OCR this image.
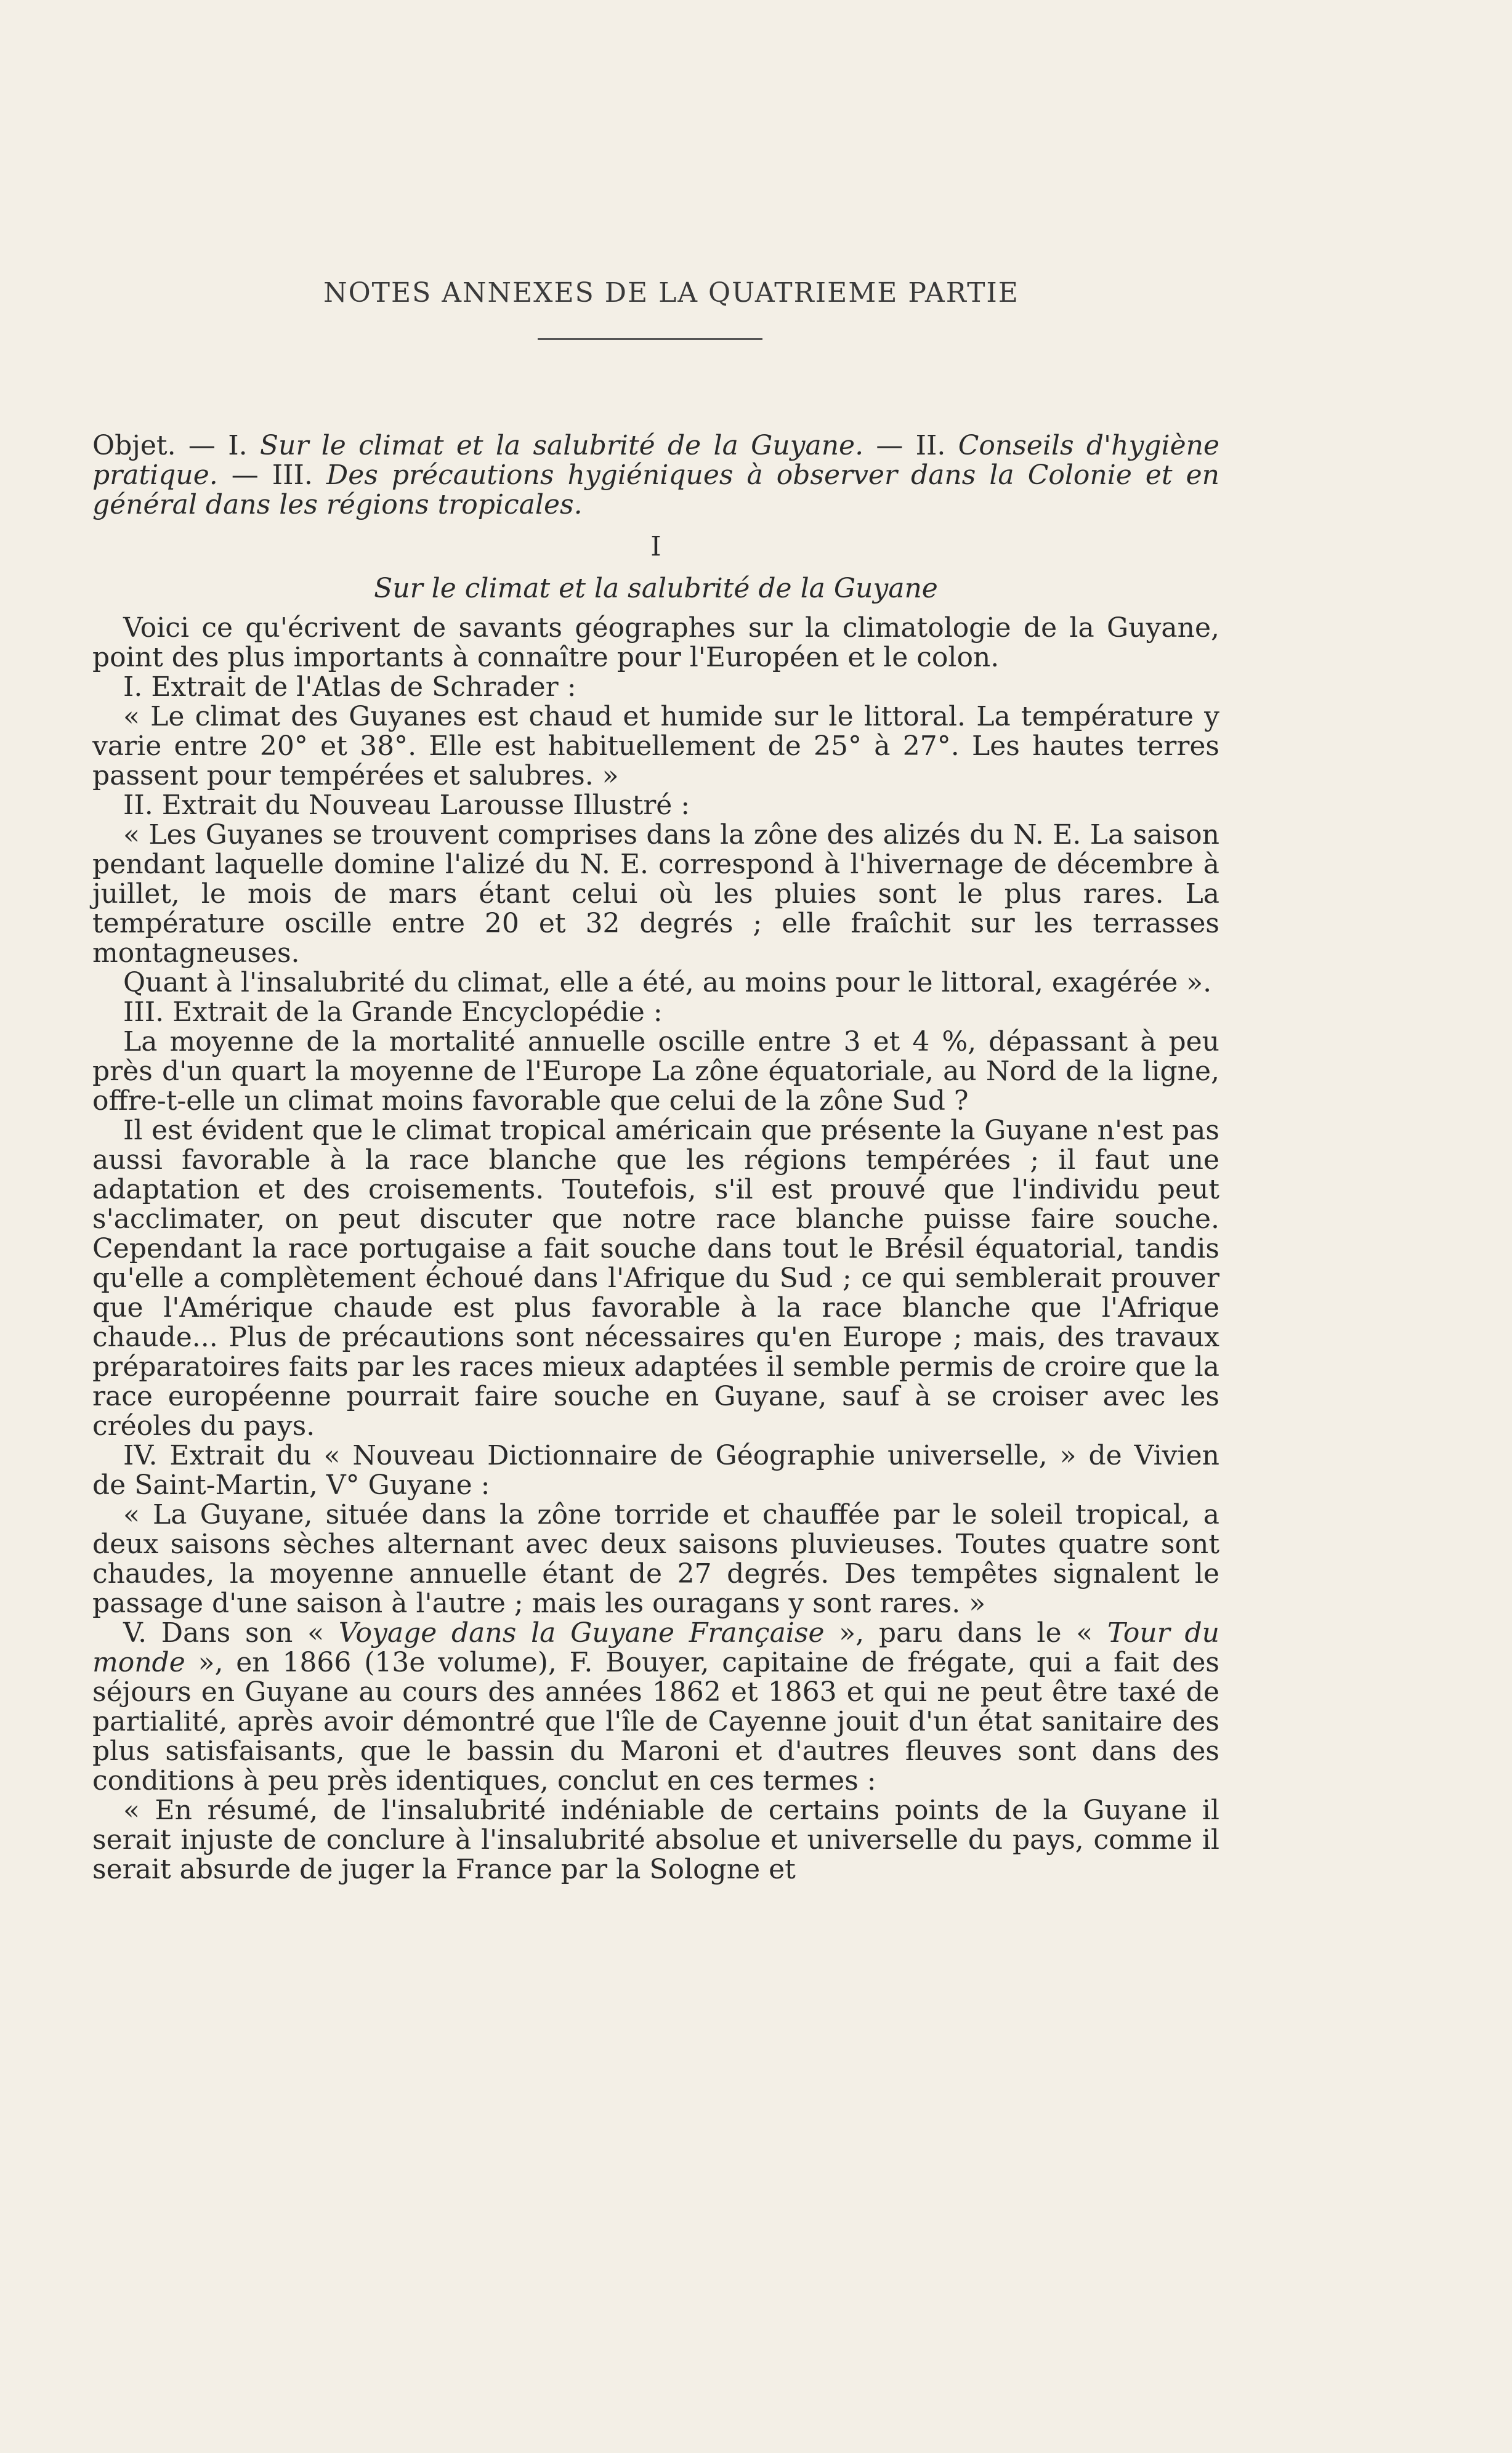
NOTES ANNEXES DE LA QUATRIEME PARTIE

Objet. — I. Sur le climat et la salubrité de la Guyane. — II. Conseils d'hygiène pratique. — III. Des précautions hygiéniques à observer dans la Colonie et en général dans les régions tropicales.

I

Sur le climat et la salubrité de la Guyane

Voici ce qu'écrivent de savants géographes sur la climatologie de la Guyane, point des plus importants à connaître pour l'Européen et le colon.

I. Extrait de l'Atlas de Schrader :

« Le climat des Guyanes est chaud et humide sur le littoral. La température y varie entre 20° et 38°. Elle est habituellement de 25° à 27°. Les hautes terres passent pour tempérées et salubres. »

II. Extrait du Nouveau Larousse Illustré :

« Les Guyanes se trouvent comprises dans la zône des alizés du N. E. La saison pendant laquelle domine l'alizé du N. E. correspond à l'hivernage de décembre à juillet, le mois de mars étant celui où les pluies sont le plus rares. La température oscille entre 20 et 32 degrés ; elle fraîchit sur les terrasses montagneuses.

Quant à l'insalubrité du climat, elle a été, au moins pour le littoral, exagérée ».

III. Extrait de la Grande Encyclopédie :

La moyenne de la mortalité annuelle oscille entre 3 et 4 %, dépassant à peu près d'un quart la moyenne de l'Europe La zône équatoriale, au Nord de la ligne, offre-t-elle un climat moins favorable que celui de la zône Sud ?

Il est évident que le climat tropical américain que présente la Guyane n'est pas aussi favorable à la race blanche que les régions tempérées ; il faut une adaptation et des croisements. Toutefois, s'il est prouvé que l'individu peut s'acclimater, on peut discuter que notre race blanche puisse faire souche. Cependant la race portugaise a fait souche dans tout le Brésil équatorial, tandis qu'elle a complètement échoué dans l'Afrique du Sud ; ce qui semblerait prouver que l'Amérique chaude est plus favorable à la race blanche que l'Afrique chaude... Plus de précautions sont nécessaires qu'en Europe ; mais, des travaux préparatoires faits par les races mieux adaptées il semble permis de croire que la race européenne pourrait faire souche en Guyane, sauf à se croiser avec les créoles du pays.

IV. Extrait du « Nouveau Dictionnaire de Géographie universelle, » de Vivien de Saint-Martin, V° Guyane :

« La Guyane, située dans la zône torride et chauffée par le soleil tropical, a deux saisons sèches alternant avec deux saisons pluvieuses. Toutes quatre sont chaudes, la moyenne annuelle étant de 27 degrés. Des tempêtes signalent le passage d'une saison à l'autre ; mais les ouragans y sont rares. »

V. Dans son « Voyage dans la Guyane Française », paru dans le « Tour du monde », en 1866 (13e volume), F. Bouyer, capitaine de frégate, qui a fait des séjours en Guyane au cours des années 1862 et 1863 et qui ne peut être taxé de partialité, après avoir démontré que l'île de Cayenne jouit d'un état sanitaire des plus satisfaisants, que le bassin du Maroni et d'autres fleuves sont dans des conditions à peu près identiques, conclut en ces termes :

« En résumé, de l'insalubrité indéniable de certains points de la Guyane il serait injuste de conclure à l'insalubrité absolue et universelle du pays, comme il serait absurde de juger la France par la Sologne et
